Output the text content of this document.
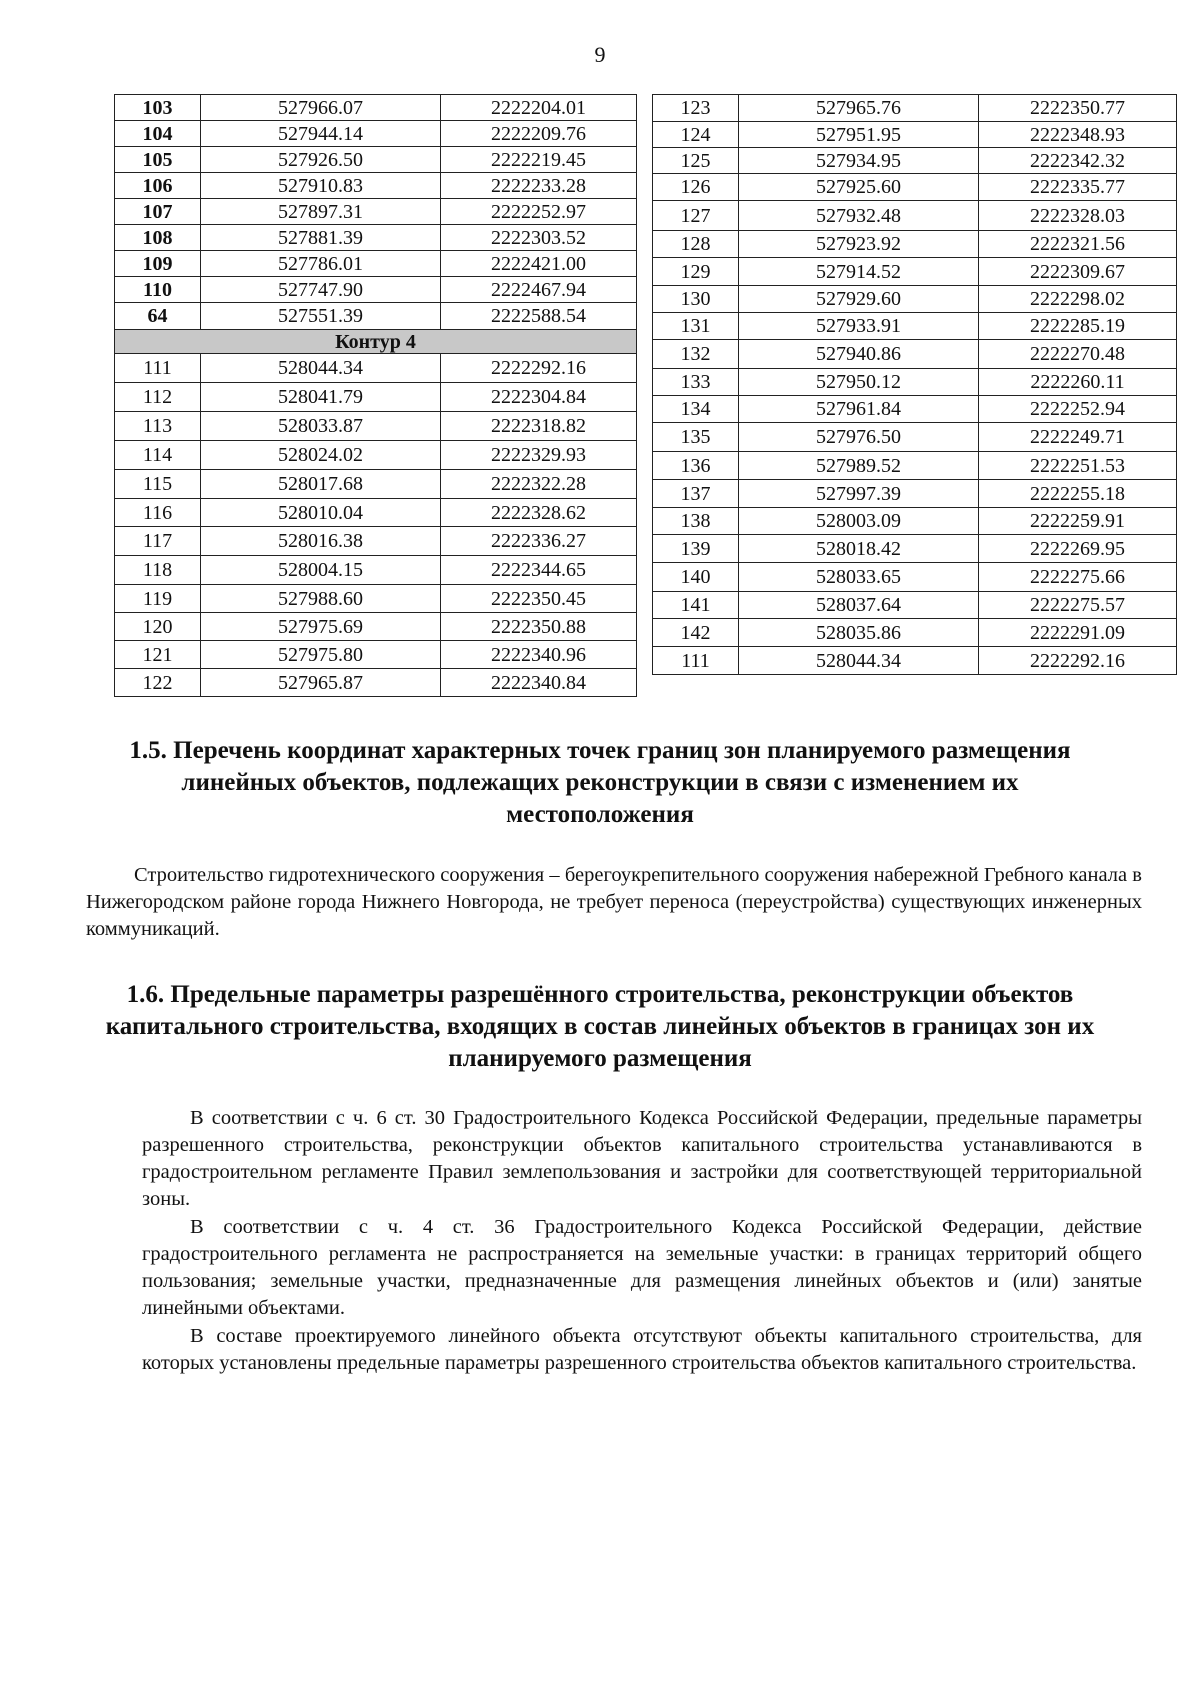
9
103	527966.07	2222204.01
104	527944.14	2222209.76
105	527926.50	2222219.45
106	527910.83	2222233.28
107	527897.31	2222252.97
108	527881.39	2222303.52
109	527786.01	2222421.00
110	527747.90	2222467.94
64	527551.39	2222588.54
Контур 4		
111	528044.34	2222292.16
112	528041.79	2222304.84
113	528033.87	2222318.82
114	528024.02	2222329.93
115	528017.68	2222322.28
116	528010.04	2222328.62
117	528016.38	2222336.27
118	528004.15	2222344.65
119	527988.60	2222350.45
120	527975.69	2222350.88
121	527975.80	2222340.96
122	527965.87	2222340.84
123	527965.76	2222350.77
124	527951.95	2222348.93
125	527934.95	2222342.32
126	527925.60	2222335.77
127	527932.48	2222328.03
128	527923.92	2222321.56
129	527914.52	2222309.67
130	527929.60	2222298.02
131	527933.91	2222285.19
132	527940.86	2222270.48
133	527950.12	2222260.11
134	527961.84	2222252.94
135	527976.50	2222249.71
136	527989.52	2222251.53
137	527997.39	2222255.18
138	528003.09	2222259.91
139	528018.42	2222269.95
140	528033.65	2222275.66
141	528037.64	2222275.57
142	528035.86	2222291.09
111	528044.34	2222292.16
1.5. Перечень координат характерных точек границ зон планируемого размещения линейных объектов, подлежащих реконструкции в связи с изменением их местоположения

Строительство гидротехнического сооружения – берегоукрепительного сооружения набережной Гребного канала в Нижегородском районе города Нижнего Новгорода, не требует переноса (переустройства) существующих инженерных коммуникаций.

1.6. Предельные параметры разрешённого строительства, реконструкции объектов капитального строительства, входящих в состав линейных объектов в границах зон их планируемого размещения

В соответствии с ч. 6 ст. 30 Градостроительного Кодекса Российской Федерации, предельные параметры разрешенного строительства, реконструкции объектов капитального строительства устанавливаются в градостроительном регламенте Правил землепользования и застройки для соответствующей территориальной зоны.

В соответствии с ч. 4 ст. 36 Градостроительного Кодекса Российской Федерации, действие градостроительного регламента не распространяется на земельные участки: в границах территорий общего пользования; земельные участки, предназначенные для размещения линейных объектов и (или) занятые линейными объектами.

В составе проектируемого линейного объекта отсутствуют объекты капитального строительства, для которых установлены предельные параметры разрешенного строительства объектов капитального строительства.
